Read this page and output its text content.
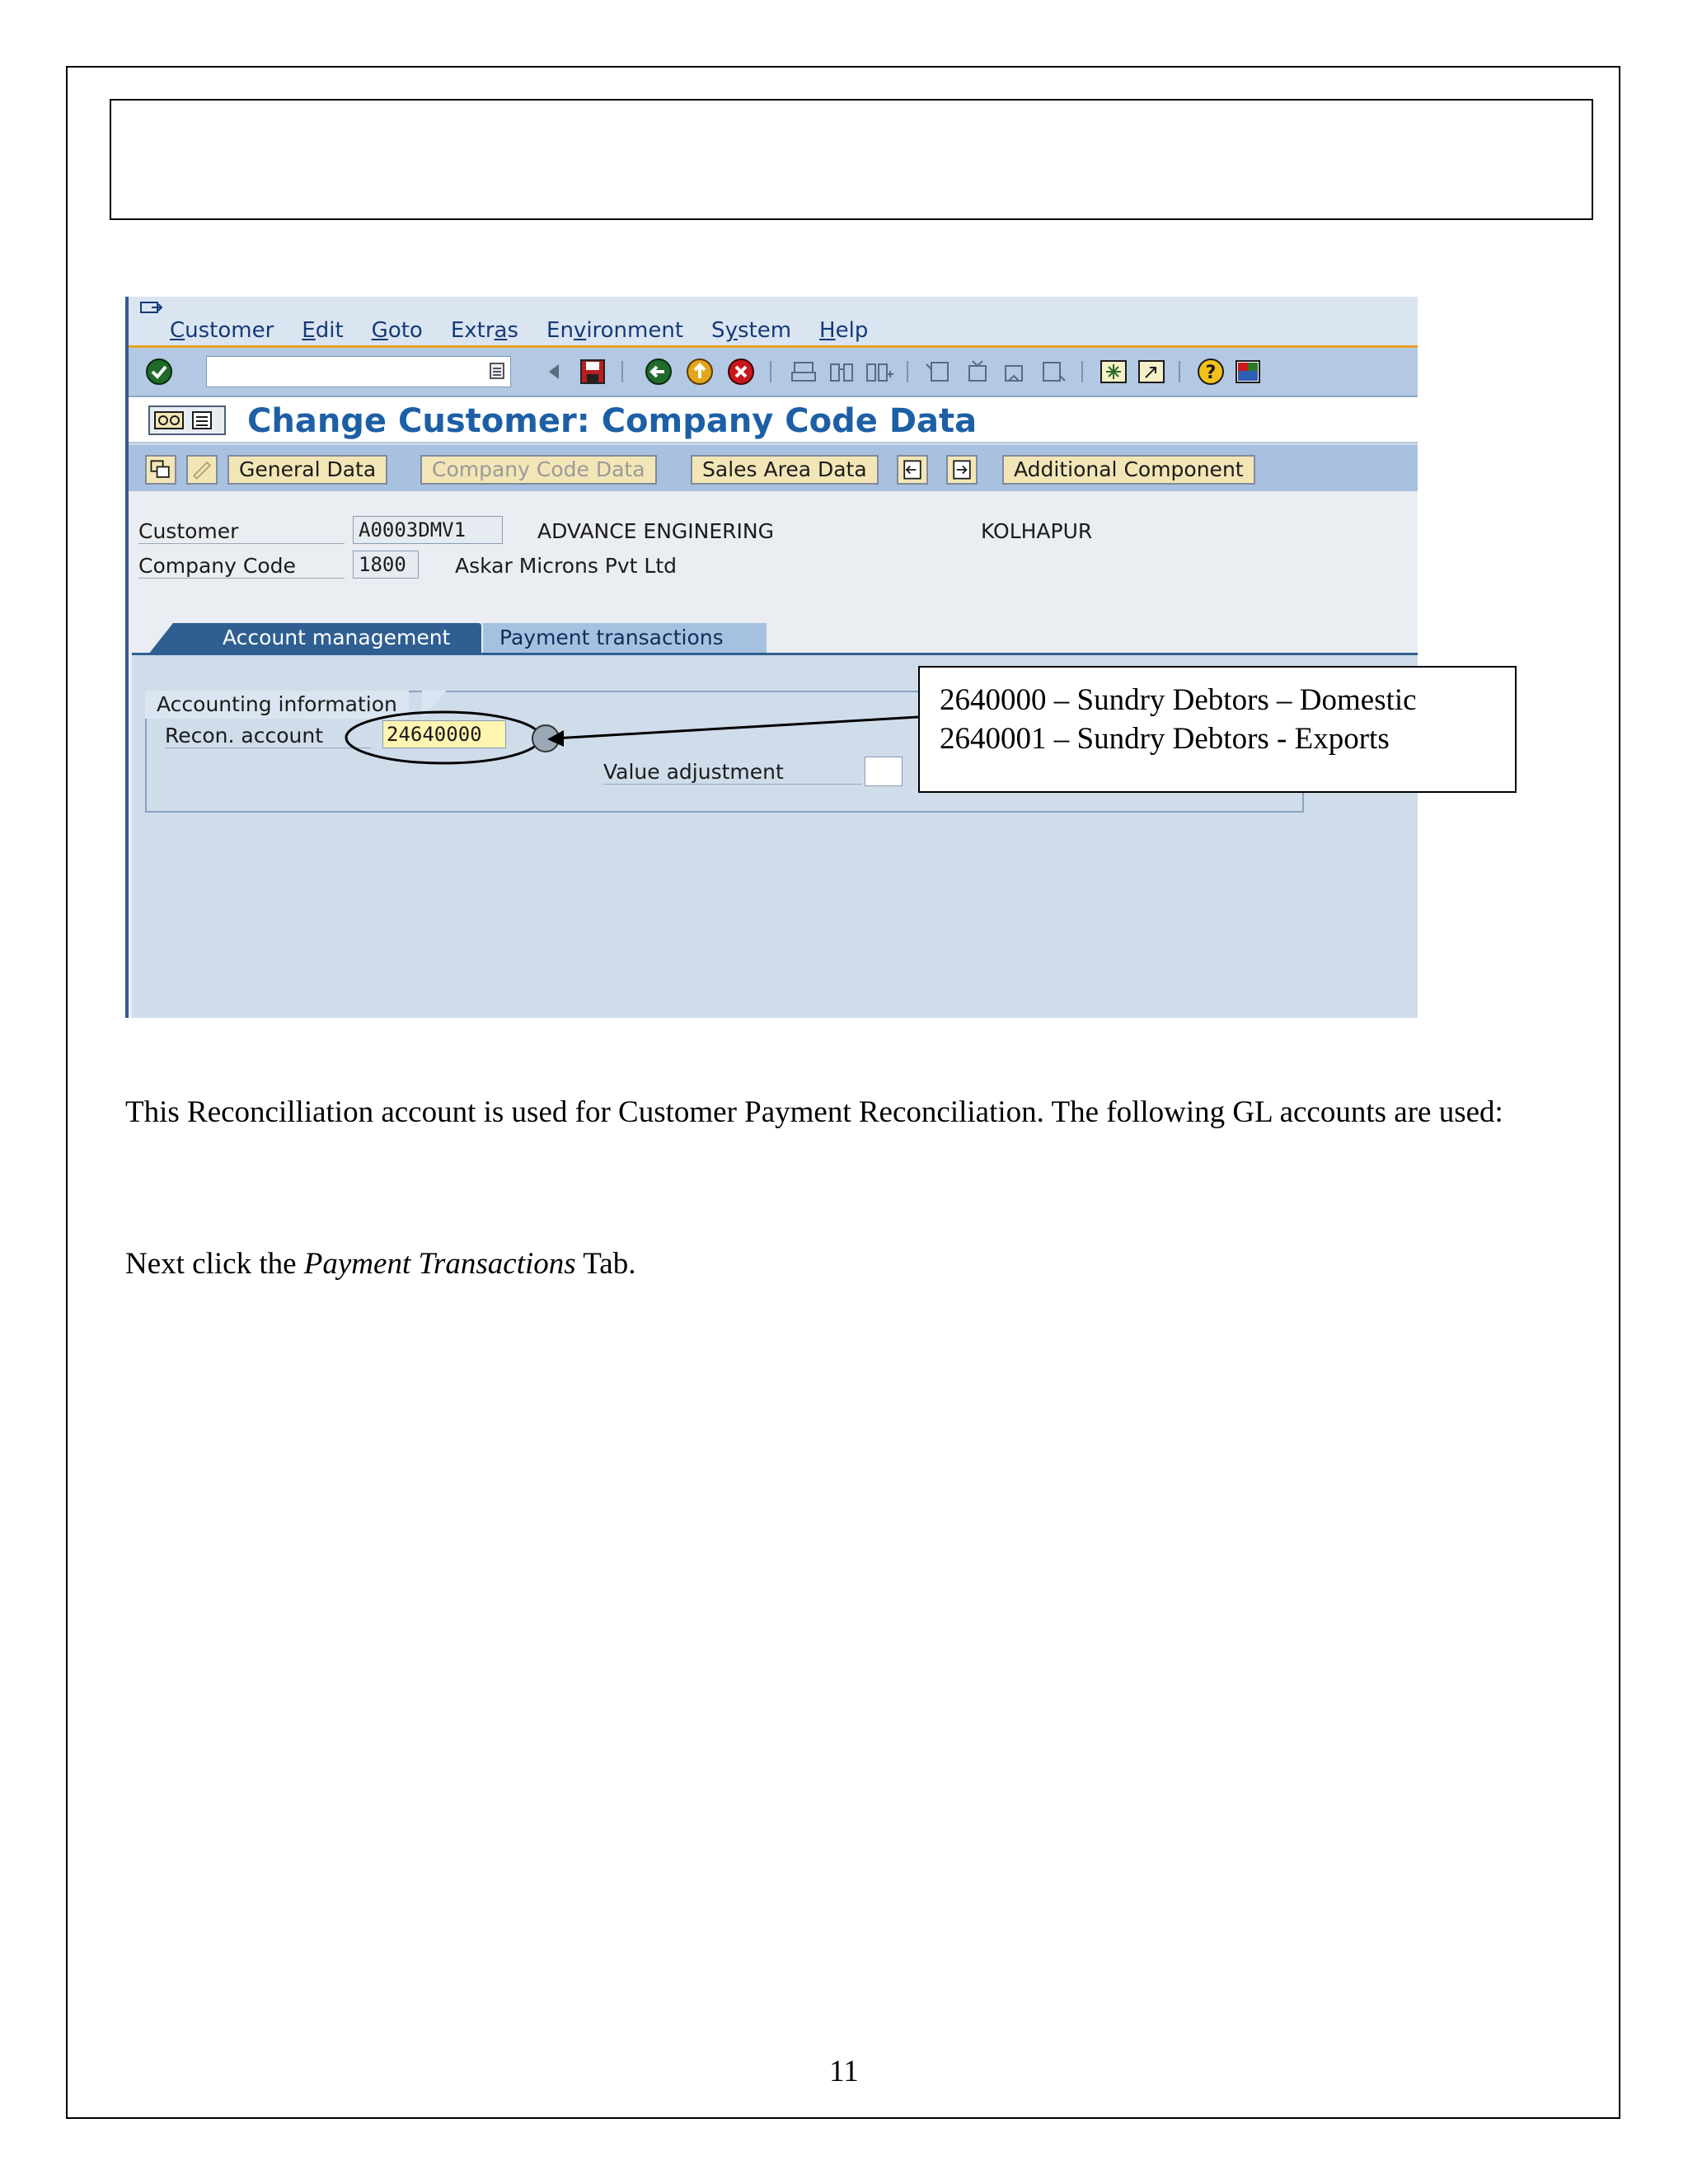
Customer Edit Goto Extras Environment System Help
?
Change Customer: Company Code Data
General Data	Company Code Data	Sales Area Data	Additional Component
Customer	A0003DMV1	ADVANCE ENGINERING	KOLHAPUR
Company Code	1800	Askar Microns Pvt Ltd
Account management	Payment transactions
Accounting information
Recon. account	24640000
Value adjustment
2640000 – Sundry Debtors – Domestic
2640001 – Sundry Debtors - Exports
This Reconcilliation account is used for Customer Payment Reconciliation. The following GL accounts are used:
Next click the Payment Transactions Tab.
11
